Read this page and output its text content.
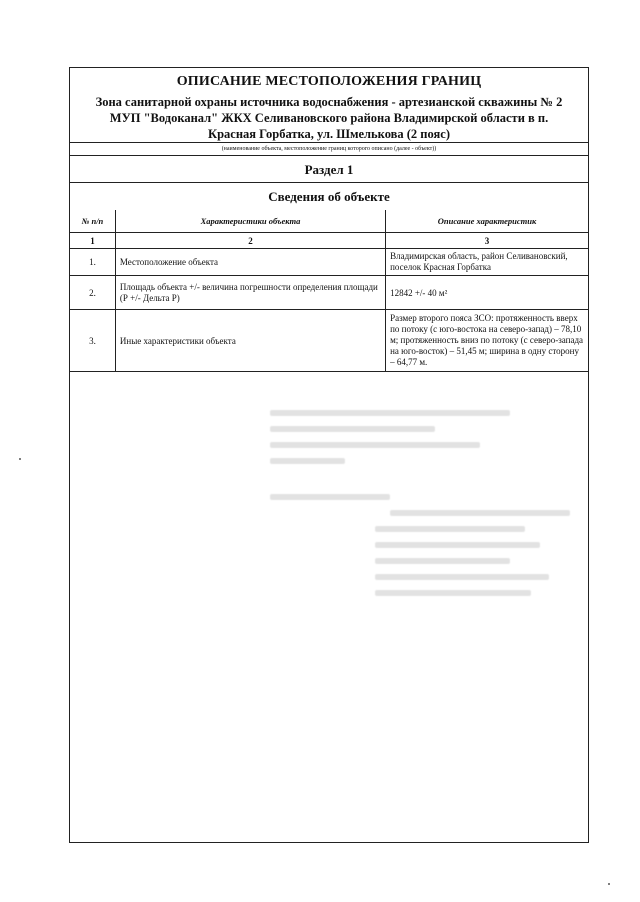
ОПИСАНИЕ МЕСТОПОЛОЖЕНИЯ ГРАНИЦ
Зона санитарной охраны источника водоснабжения - артезианской скважины № 2
МУП "Водоканал" ЖКХ Селивановского района Владимирской области в п.
Красная Горбатка, ул. Шмелькова (2 пояс)
(наименование объекта, местоположение границ которого описано (далее - объект))
Раздел 1
Сведения об объекте
№ п/п	Характеристики объекта	Описание характеристик
1	2	3
1.	Местоположение объекта	Владимирская область, район Селивановский, поселок Красная Горбатка
2.	Площадь объекта +/- величина погрешности определения площади (Р +/- Дельта Р)	12842 +/- 40 м²
3.	Иные характеристики объекта	Размер второго пояса ЗСО: протяженность вверх по потоку (с юго-востока на северо-запад) – 78,10 м; протяженность вниз по потоку (с северо-запада на юго-восток) – 51,45 м; ширина в одну сторону – 64,77 м.
